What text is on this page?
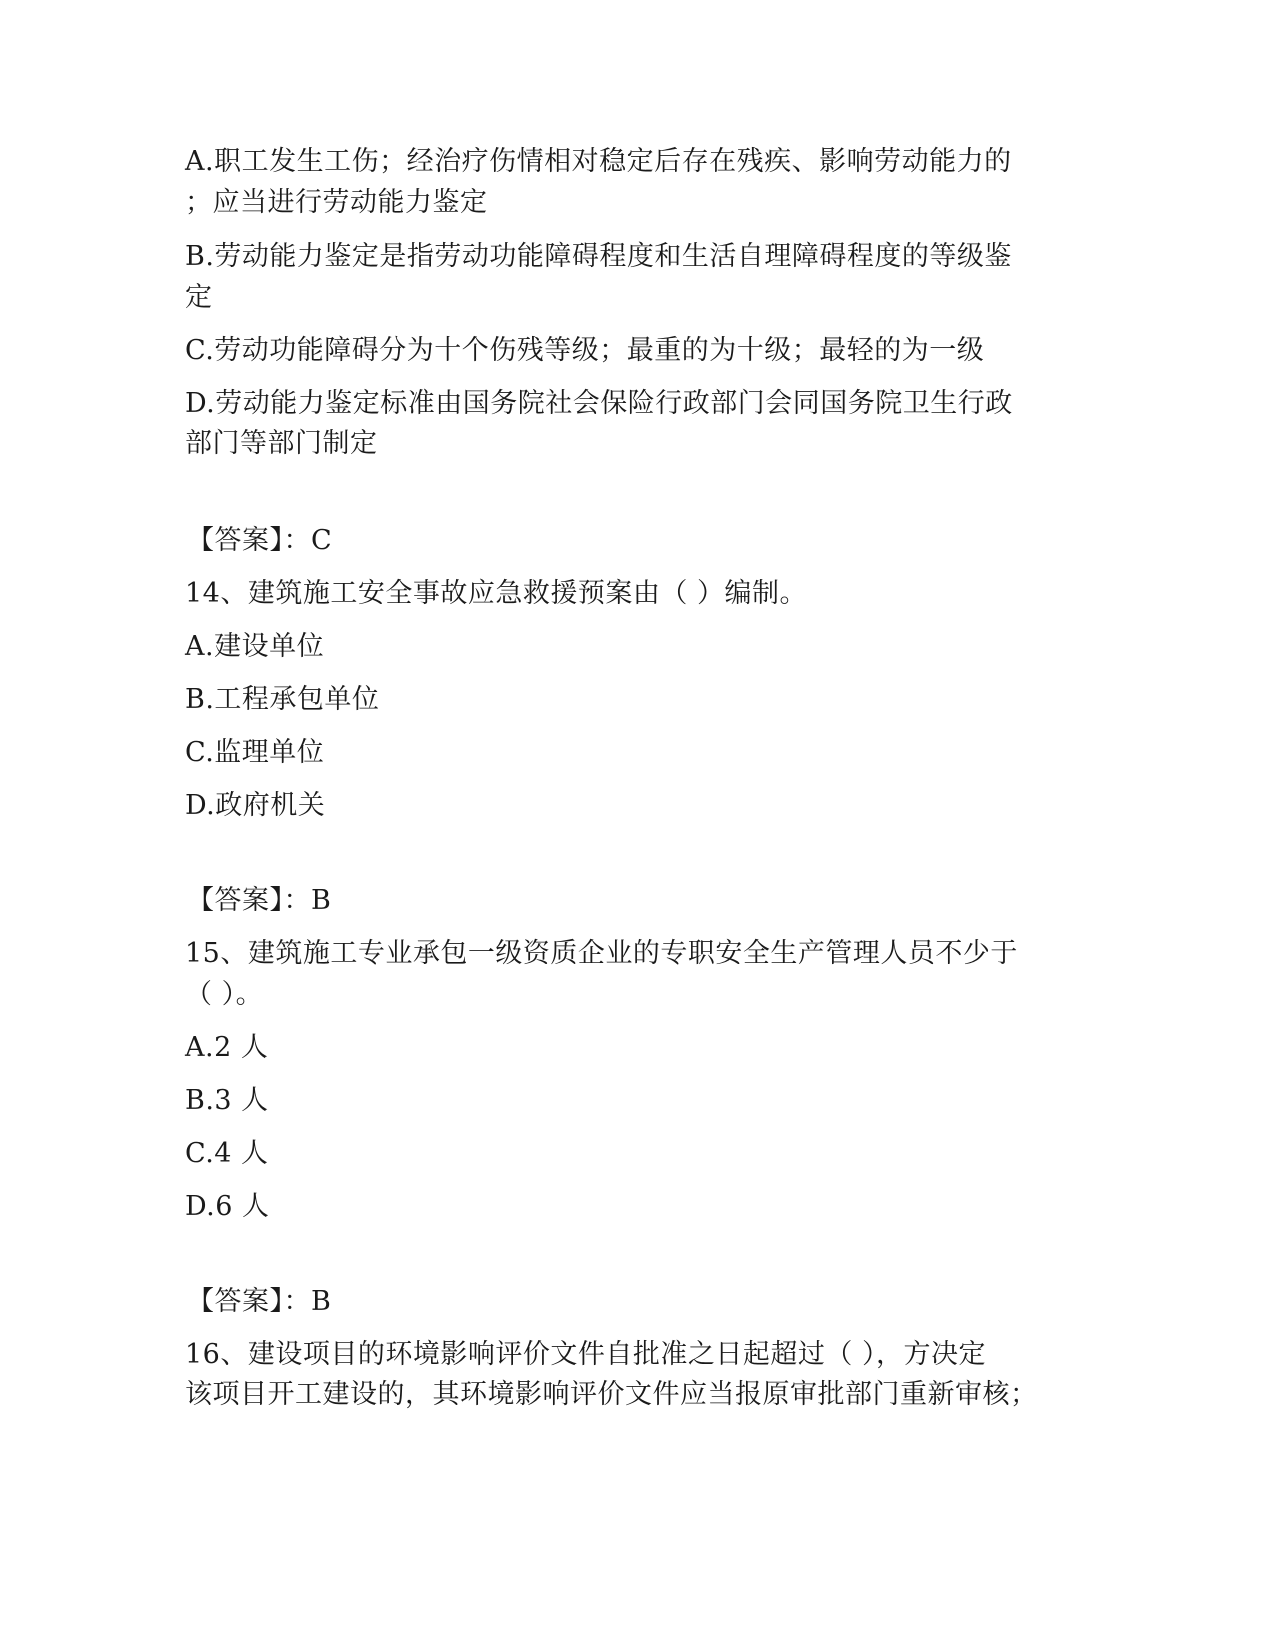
A.职工发生工伤；经治疗伤情相对稳定后存在残疾、影响劳动能力的
；应当进行劳动能力鉴定
B.劳动能力鉴定是指劳动功能障碍程度和生活自理障碍程度的等级鉴
定
C.劳动功能障碍分为十个伤残等级；最重的为十级；最轻的为一级
D.劳动能力鉴定标准由国务院社会保险行政部门会同国务院卫生行政
部门等部门制定
【答案】：C
14、建筑施工安全事故应急救援预案由（ ）编制。
A.建设单位
B.工程承包单位
C.监理单位
D.政府机关
【答案】：B
15、建筑施工专业承包一级资质企业的专职安全生产管理人员不少于
（ ）。
A.2 人
B.3 人
C.4 人
D.6 人
【答案】：B
16、建设项目的环境影响评价文件自批准之日起超过（ ），方决定
该项目开工建设的，其环境影响评价文件应当报原审批部门重新审核；
